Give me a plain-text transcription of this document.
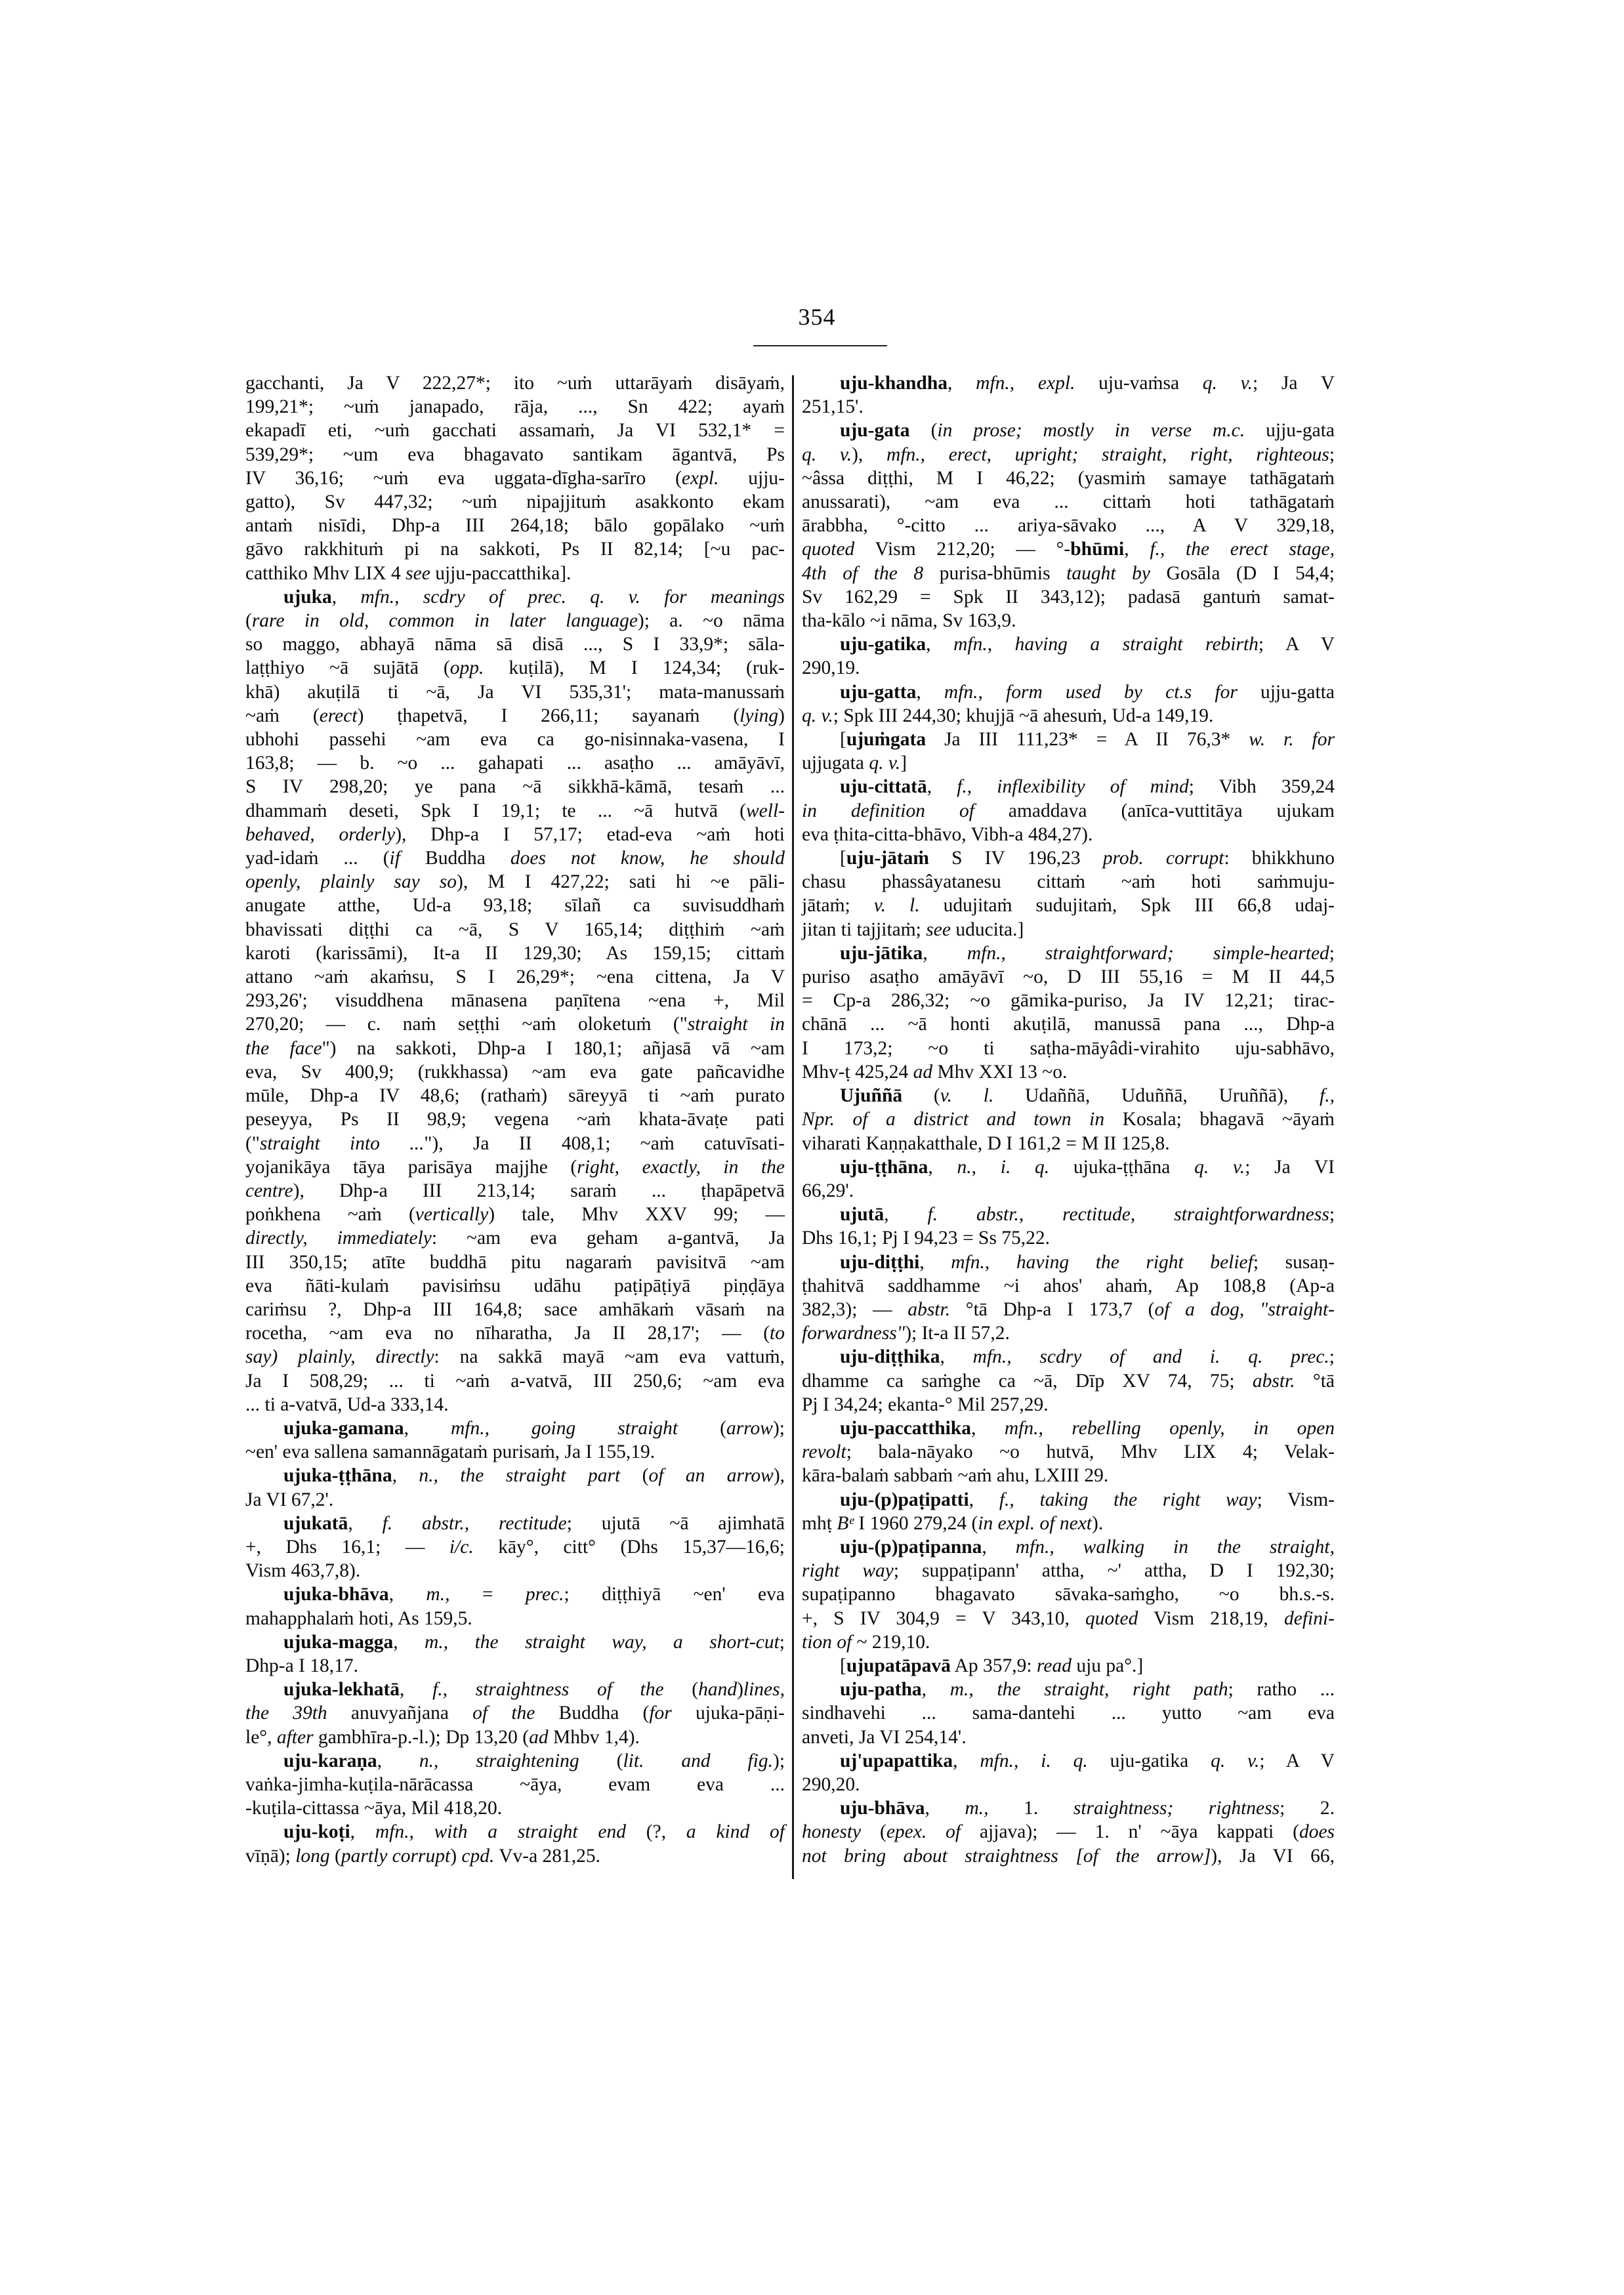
354
gacchanti, Ja V 222,27*; ito ~uṁ uttarāyaṁ disāyaṁ,
199,21*; ~uṁ janapado, rāja, ..., Sn 422; ayaṁ
ekapadī eti, ~uṁ gacchati assamaṁ, Ja VI 532,1* =
539,29*; ~um eva bhagavato santikam āgantvā, Ps
IV 36,16; ~uṁ eva uggata-dīgha-sarīro (expl. ujju-
gatto), Sv 447,32; ~uṁ nipajjituṁ asakkonto ekam
antaṁ nisīdi, Dhp-a III 264,18; bālo gopālako ~uṁ
gāvo rakkhituṁ pi na sakkoti, Ps II 82,14; [~u pac-
catthiko Mhv LIX 4 see ujju-paccatthika].
ujuka, mfn., scdry of prec. q. v. for meanings
(rare in old, common in later language); a. ~o nāma
so maggo, abhayā nāma sā disā ..., S I 33,9*; sāla-
laṭṭhiyo ~ā sujātā (opp. kuṭilā), M I 124,34; (ruk-
khā) akuṭilā ti ~ā, Ja VI 535,31'; mata-manussaṁ
~aṁ (erect) ṭhapetvā, I 266,11; sayanaṁ (lying)
ubhohi passehi ~am eva ca go-nisinnaka-vasena, I
163,8; — b. ~o ... gahapati ... asaṭho ... amāyāvī,
S IV 298,20; ye pana ~ā sikkhā-kāmā, tesaṁ ...
dhammaṁ deseti, Spk I 19,1; te ... ~ā hutvā (well-
behaved, orderly), Dhp-a I 57,17; etad-eva ~aṁ hoti
yad-idaṁ ... (if Buddha does not know, he should
openly, plainly say so), M I 427,22; sati hi ~e pāli-
anugate atthe, Ud-a 93,18; sīlañ ca suvisuddhaṁ
bhavissati diṭṭhi ca ~ā, S V 165,14; diṭṭhiṁ ~aṁ
karoti (karissāmi), It-a II 129,30; As 159,15; cittaṁ
attano ~aṁ akaṁsu, S I 26,29*; ~ena cittena, Ja V
293,26'; visuddhena mānasena paṇītena ~ena +, Mil
270,20; — c. naṁ seṭṭhi ~aṁ oloketuṁ ("straight in
the face") na sakkoti, Dhp-a I 180,1; añjasā vā ~am
eva, Sv 400,9; (rukkhassa) ~am eva gate pañcavidhe
mūle, Dhp-a IV 48,6; (rathaṁ) sāreyyā ti ~aṁ purato
peseyya, Ps II 98,9; vegena ~aṁ khata-āvaṭe pati
("straight into ..."), Ja II 408,1; ~aṁ catuvīsati-
yojanikāya tāya parisāya majjhe (right, exactly, in the
centre), Dhp-a III 213,14; saraṁ ... ṭhapāpetvā
poṅkhena ~aṁ (vertically) tale, Mhv XXV 99; —
directly, immediately: ~am eva geham a-gantvā, Ja
III 350,15; atīte buddhā pitu nagaraṁ pavisitvā ~am
eva ñāti-kulaṁ pavisiṁsu udāhu paṭipāṭiyā piṇḍāya
cariṁsu ?, Dhp-a III 164,8; sace amhākaṁ vāsaṁ na
rocetha, ~am eva no nīharatha, Ja II 28,17'; — (to
say) plainly, directly: na sakkā mayā ~am eva vattuṁ,
Ja I 508,29; ... ti ~aṁ a-vatvā, III 250,6; ~am eva
... ti a-vatvā, Ud-a 333,14.
ujuka-gamana, mfn., going straight (arrow);
~en' eva sallena samannāgataṁ purisaṁ, Ja I 155,19.
ujuka-ṭṭhāna, n., the straight part (of an arrow),
Ja VI 67,2'.
ujukatā, f. abstr., rectitude; ujutā ~ā ajimhatā
+, Dhs 16,1; — i/c. kāy°, citt° (Dhs 15,37—16,6;
Vism 463,7,8).
ujuka-bhāva, m., = prec.; diṭṭhiyā ~en' eva
mahapphalaṁ hoti, As 159,5.
ujuka-magga, m., the straight way, a short-cut;
Dhp-a I 18,17.
ujuka-lekhatā, f., straightness of the (hand)lines,
the 39th anuvyañjana of the Buddha (for ujuka-pāṇi-
le°, after gambhīra-p.-l.); Dp 13,20 (ad Mhbv 1,4).
uju-karaṇa, n., straightening (lit. and fig.);
vaṅka-jimha-kuṭila-nārācassa ~āya, evam eva ...
-kuṭila-cittassa ~āya, Mil 418,20.
uju-koṭi, mfn., with a straight end (?, a kind of
vīṇā); long (partly corrupt) cpd. Vv-a 281,25.
uju-khandha, mfn., expl. uju-vaṁsa q. v.; Ja V
251,15'.
uju-gata (in prose; mostly in verse m.c. ujju-gata
q. v.), mfn., erect, upright; straight, right, righteous;
~âssa diṭṭhi, M I 46,22; (yasmiṁ samaye tathāgataṁ
anussarati), ~am eva ... cittaṁ hoti tathāgataṁ
ārabbha, °-citto ... ariya-sāvako ..., A V 329,18,
quoted Vism 212,20; — °-bhūmi, f., the erect stage,
4th of the 8 purisa-bhūmis taught by Gosāla (D I 54,4;
Sv 162,29 = Spk II 343,12); padasā gantuṁ samat-
tha-kālo ~i nāma, Sv 163,9.
uju-gatika, mfn., having a straight rebirth; A V
290,19.
uju-gatta, mfn., form used by ct.s for ujju-gatta
q. v.; Spk III 244,30; khujjā ~ā ahesuṁ, Ud-a 149,19.
[ujuṁgata Ja III 111,23* = A II 76,3* w. r. for
ujjugata q. v.]
uju-cittatā, f., inflexibility of mind; Vibh 359,24
in definition of amaddava (anīca-vuttitāya ujukam
eva ṭhita-citta-bhāvo, Vibh-a 484,27).
[uju-jātaṁ S IV 196,23 prob. corrupt: bhikkhuno
chasu phassâyatanesu cittaṁ ~aṁ hoti saṁmuju-
jātaṁ; v. l. udujitaṁ sudujitaṁ, Spk III 66,8 udaj-
jitan ti tajjitaṁ; see uducita.]
uju-jātika, mfn., straightforward; simple-hearted;
puriso asaṭho amāyāvī ~o, D III 55,16 = M II 44,5
= Cp-a 286,32; ~o gāmika-puriso, Ja IV 12,21; tirac-
chānā ... ~ā honti akuṭilā, manussā pana ..., Dhp-a
I 173,2; ~o ti saṭha-māyâdi-virahito uju-sabhāvo,
Mhv-ṭ 425,24 ad Mhv XXI 13 ~o.
Ujuññā (v. l. Udaññā, Uduññā, Uruññā), f.,
Npr. of a district and town in Kosala; bhagavā ~āyaṁ
viharati Kaṇṇakatthale, D I 161,2 = M II 125,8.
uju-ṭṭhāna, n., i. q. ujuka-ṭṭhāna q. v.; Ja VI
66,29'.
ujutā, f. abstr., rectitude, straightforwardness;
Dhs 16,1; Pj I 94,23 = Ss 75,22.
uju-diṭṭhi, mfn., having the right belief; susaṇ-
ṭhahitvā saddhamme ~i ahos' ahaṁ, Ap 108,8 (Ap-a
382,3); — abstr. °tā Dhp-a I 173,7 (of a dog, "straight-
forwardness"); It-a II 57,2.
uju-diṭṭhika, mfn., scdry of and i. q. prec.;
dhamme ca saṁghe ca ~ā, Dīp XV 74, 75; abstr. °tā
Pj I 34,24; ekanta-° Mil 257,29.
uju-paccatthika, mfn., rebelling openly, in open
revolt; bala-nāyako ~o hutvā, Mhv LIX 4; Velak-
kāra-balaṁ sabbaṁ ~aṁ ahu, LXIII 29.
uju-(p)paṭipatti, f., taking the right way; Vism-
mhṭ Bᵉ I 1960 279,24 (in expl. of next).
uju-(p)paṭipanna, mfn., walking in the straight,
right way; suppaṭipann' attha, ~' attha, D I 192,30;
supaṭipanno bhagavato sāvaka-saṁgho, ~o bh.s.-s.
+, S IV 304,9 = V 343,10, quoted Vism 218,19, defini-
tion of ~ 219,10.
[ujupatāpavā Ap 357,9: read uju pa°.]
uju-patha, m., the straight, right path; ratho ...
sindhavehi ... sama-dantehi ... yutto ~am eva
anveti, Ja VI 254,14'.
uj'upapattika, mfn., i. q. uju-gatika q. v.; A V
290,20.
uju-bhāva, m., 1. straightness; rightness; 2.
honesty (epex. of ajjava); — 1. n' ~āya kappati (does
not bring about straightness [of the arrow]), Ja VI 66,
